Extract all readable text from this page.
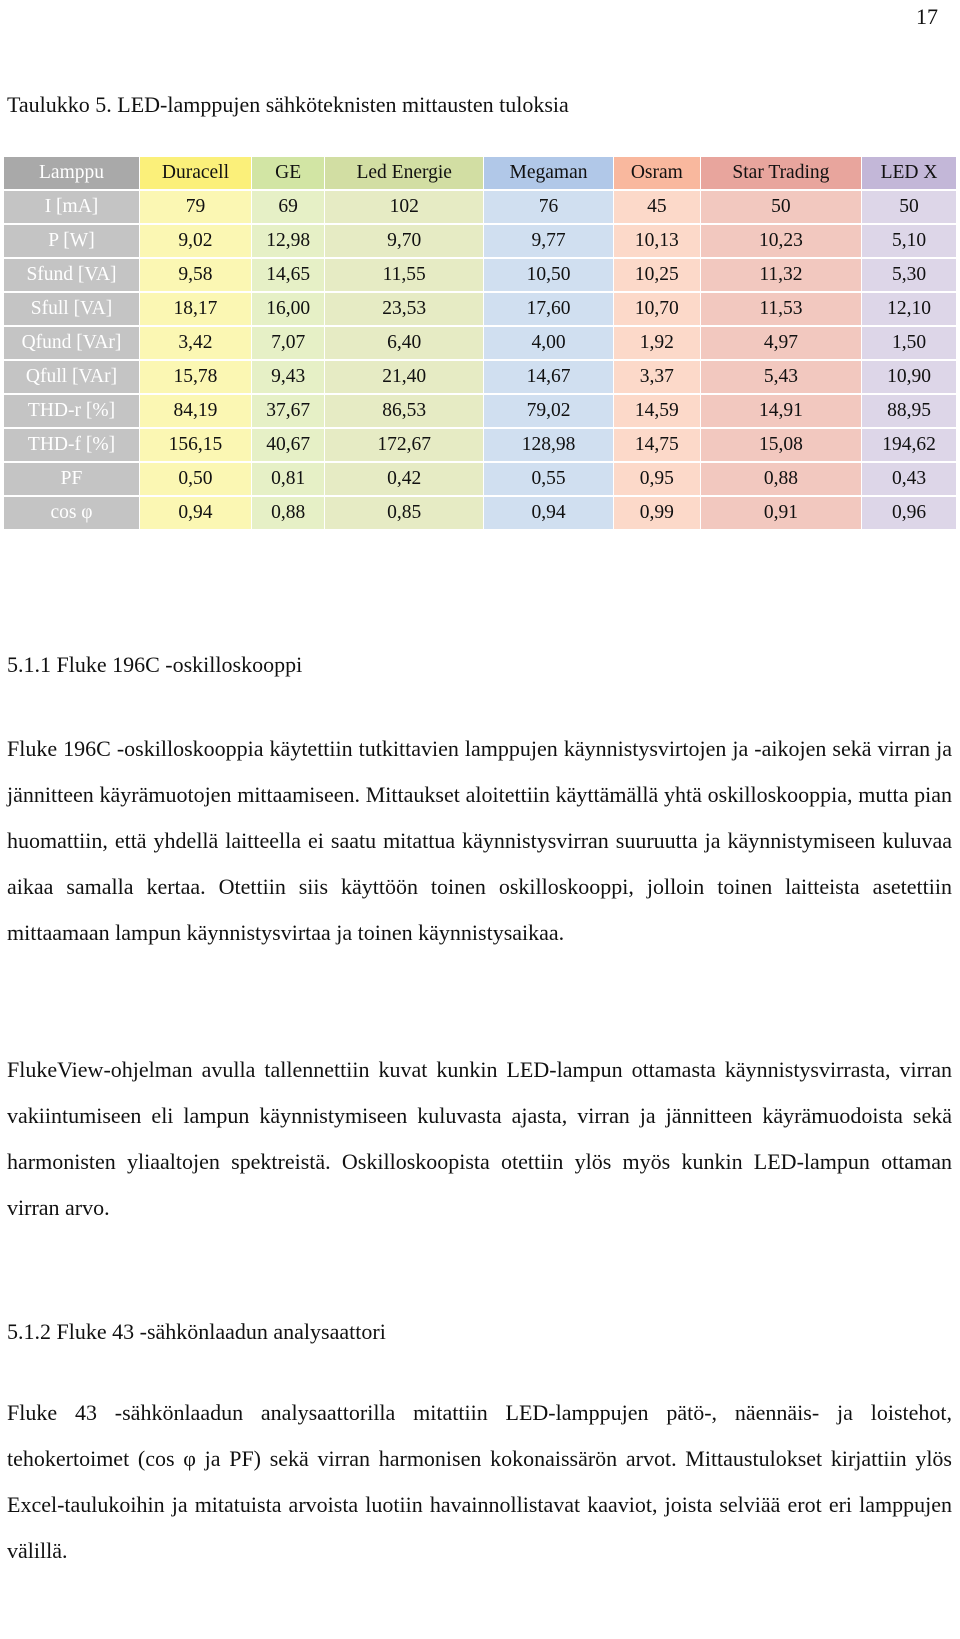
17
Taulukko 5. LED-lamppujen sähköteknisten mittausten tuloksia
Lamppu	Duracell	GE	Led Energie	Megaman	Osram	Star Trading	LED X
I [mA]	79	69	102	76	45	50	50
P [W]	9,02	12,98	9,70	9,77	10,13	10,23	5,10
Sfund [VA]	9,58	14,65	11,55	10,50	10,25	11,32	5,30
Sfull [VA]	18,17	16,00	23,53	17,60	10,70	11,53	12,10
Qfund [VAr]	3,42	7,07	6,40	4,00	1,92	4,97	1,50
Qfull [VAr]	15,78	9,43	21,40	14,67	3,37	5,43	10,90
THD-r [%]	84,19	37,67	86,53	79,02	14,59	14,91	88,95
THD-f [%]	156,15	40,67	172,67	128,98	14,75	15,08	194,62
PF	0,50	0,81	0,42	0,55	0,95	0,88	0,43
cos φ	0,94	0,88	0,85	0,94	0,99	0,91	0,96
5.1.1 Fluke 196C -oskilloskooppi

Fluke 196C -oskilloskooppia käytettiin tutkittavien lamppujen käynnistysvirtojen ja -aikojen sekä virran ja jännitteen käyrämuotojen mittaamiseen. Mittaukset aloitettiin käyttämällä yhtä oskilloskooppia, mutta pian huomattiin, että yhdellä laitteella ei saatu mitattua käynnistysvirran suuruutta ja käynnistymiseen kuluvaa aikaa samalla kertaa. Otettiin siis käyttöön toinen oskilloskooppi, jolloin toinen laitteista asetettiin mittaamaan lampun käynnistysvirtaa ja toinen käynnistysaikaa.

FlukeView-ohjelman avulla tallennettiin kuvat kunkin LED-lampun ottamasta käynnistysvirrasta, virran vakiintumiseen eli lampun käynnistymiseen kuluvasta ajasta, virran ja jännitteen käyrämuodoista sekä harmonisten yliaaltojen spektreistä. Oskilloskoopista otettiin ylös myös kunkin LED-lampun ottaman virran arvo.

5.1.2 Fluke 43 -sähkönlaadun analysaattori

Fluke 43 -sähkönlaadun analysaattorilla mitattiin LED-lamppujen pätö-, näennäis- ja loistehot, tehokertoimet (cos φ ja PF) sekä virran harmonisen kokonaissärön arvot. Mittaustulokset kirjattiin ylös Excel-taulukoihin ja mitatuista arvoista luotiin havainnollistavat kaaviot, joista selviää erot eri lamppujen välillä.
